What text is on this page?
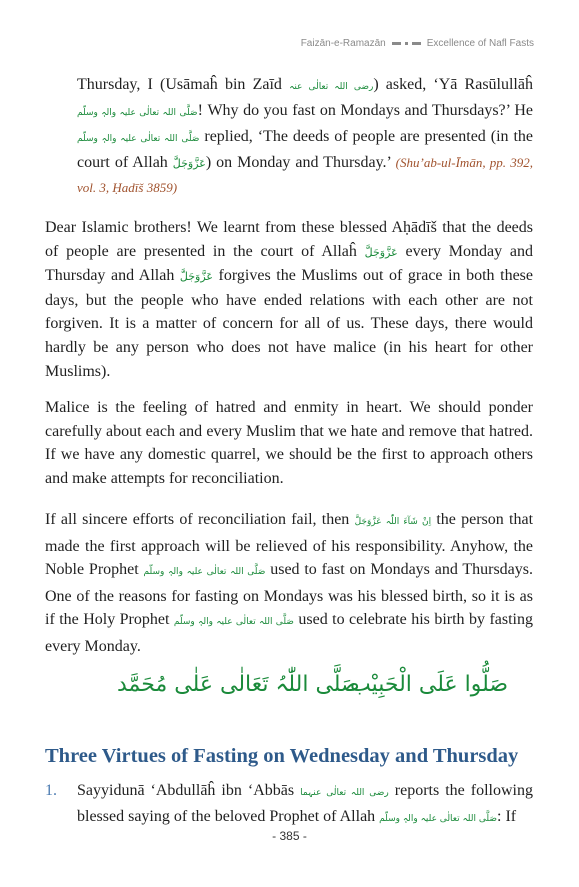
Faizān-e-Ramazān	Excellence of Nafl Fasts
Thursday, I (Usāmaĥ bin Zaīd رضی اللہ تعالٰی عنہ) asked, ‘Yā Rasūlullāĥ صَلَّی اللہ تعالٰی علیہ والہٖ وسلّم! Why do you fast on Mondays and Thursdays?’ He صَلَّی اللہ تعالٰی علیہ والہٖ وسلّم replied, ‘The deeds of people are presented (in the court of Allah عَزَّوَجَلَّ) on Monday and Thursday.’ (Shu’ab-ul-Īmān, pp. 392, vol. 3, Ḥadīš 3859)
Dear Islamic brothers! We learnt from these blessed Aḥādīš that the deeds of people are presented in the court of Allaĥ عَزَّوَجَلَّ every Monday and Thursday and Allah عَزَّوَجَلَّ forgives the Muslims out of grace in both these days, but the people who have ended relations with each other are not forgiven. It is a matter of concern for all of us. These days, there would hardly be any person who does not have malice (in his heart for other Muslims).
Malice is the feeling of hatred and enmity in heart. We should ponder carefully about each and every Muslim that we hate and remove that hatred. If we have any domestic quarrel, we should be the first to approach others and make attempts for reconciliation.
If all sincere efforts of reconciliation fail, then اِنْ شَآءَ اللّٰہ عَزَّوَجَلَّ the person that made the first approach will be relieved of his responsibility. Anyhow, the Noble Prophet صَلَّی اللہ تعالٰی علیہ والہٖ وسلّم used to fast on Mondays and Thursdays. One of the reasons for fasting on Mondays was his blessed birth, so it is as if the Holy Prophet صَلَّی اللہ تعالٰی علیہ والہٖ وسلّم used to celebrate his birth by fasting every Monday.
صَلَّی اللّٰہُ تَعَالٰی عَلٰی مُحَمَّد
صَلُّوا عَلَی الْحَبِیْب
Three Virtues of Fasting on Wednesday and Thursday
1. Sayyidunā ‘Abdullāĥ ibn ‘Abbās رضی اللہ تعالٰی عنہما reports the following blessed saying of the beloved Prophet of Allah صَلَّی اللہ تعالٰی علیہ والہٖ وسلّم: If
- 385 -
